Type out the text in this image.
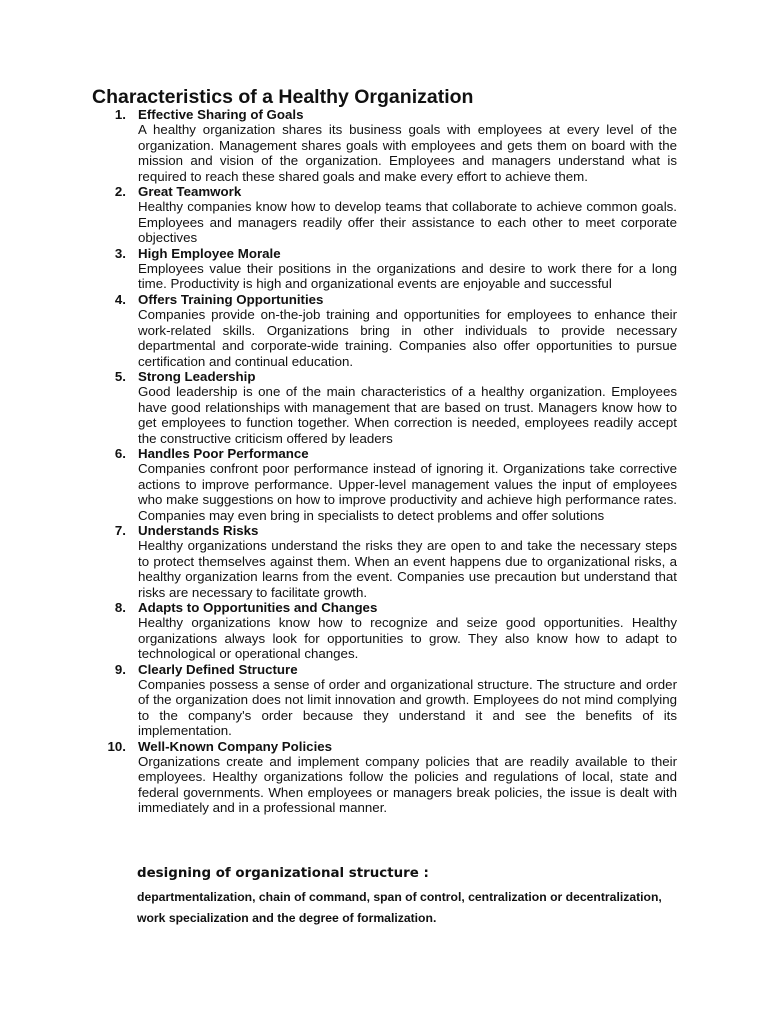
Characteristics of a Healthy Organization
1. Effective Sharing of Goals
A healthy organization shares its business goals with employees at every level of the organization. Management shares goals with employees and gets them on board with the mission and vision of the organization. Employees and managers understand what is required to reach these shared goals and make every effort to achieve them.
2. Great Teamwork
Healthy companies know how to develop teams that collaborate to achieve common goals. Employees and managers readily offer their assistance to each other to meet corporate objectives
3. High Employee Morale
Employees value their positions in the organizations and desire to work there for a long time. Productivity is high and organizational events are enjoyable and successful
4. Offers Training Opportunities
Companies provide on-the-job training and opportunities for employees to enhance their work-related skills. Organizations bring in other individuals to provide necessary departmental and corporate-wide training. Companies also offer opportunities to pursue certification and continual education.
5. Strong Leadership
Good leadership is one of the main characteristics of a healthy organization. Employees have good relationships with management that are based on trust. Managers know how to get employees to function together. When correction is needed, employees readily accept the constructive criticism offered by leaders
6. Handles Poor Performance
Companies confront poor performance instead of ignoring it. Organizations take corrective actions to improve performance. Upper-level management values the input of employees who make suggestions on how to improve productivity and achieve high performance rates. Companies may even bring in specialists to detect problems and offer solutions
7. Understands Risks
Healthy organizations understand the risks they are open to and take the necessary steps to protect themselves against them. When an event happens due to organizational risks, a healthy organization learns from the event. Companies use precaution but understand that risks are necessary to facilitate growth.
8. Adapts to Opportunities and Changes
Healthy organizations know how to recognize and seize good opportunities. Healthy organizations always look for opportunities to grow. They also know how to adapt to technological or operational changes.
9. Clearly Defined Structure
Companies possess a sense of order and organizational structure. The structure and order of the organization does not limit innovation and growth. Employees do not mind complying to the company's order because they understand it and see the benefits of its implementation.
10. Well-Known Company Policies
Organizations create and implement company policies that are readily available to their employees. Healthy organizations follow the policies and regulations of local, state and federal governments. When employees or managers break policies, the issue is dealt with immediately and in a professional manner.
designing of organizational structure :

departmentalization, chain of command, span of control, centralization or decentralization, work specialization and the degree of formalization.
